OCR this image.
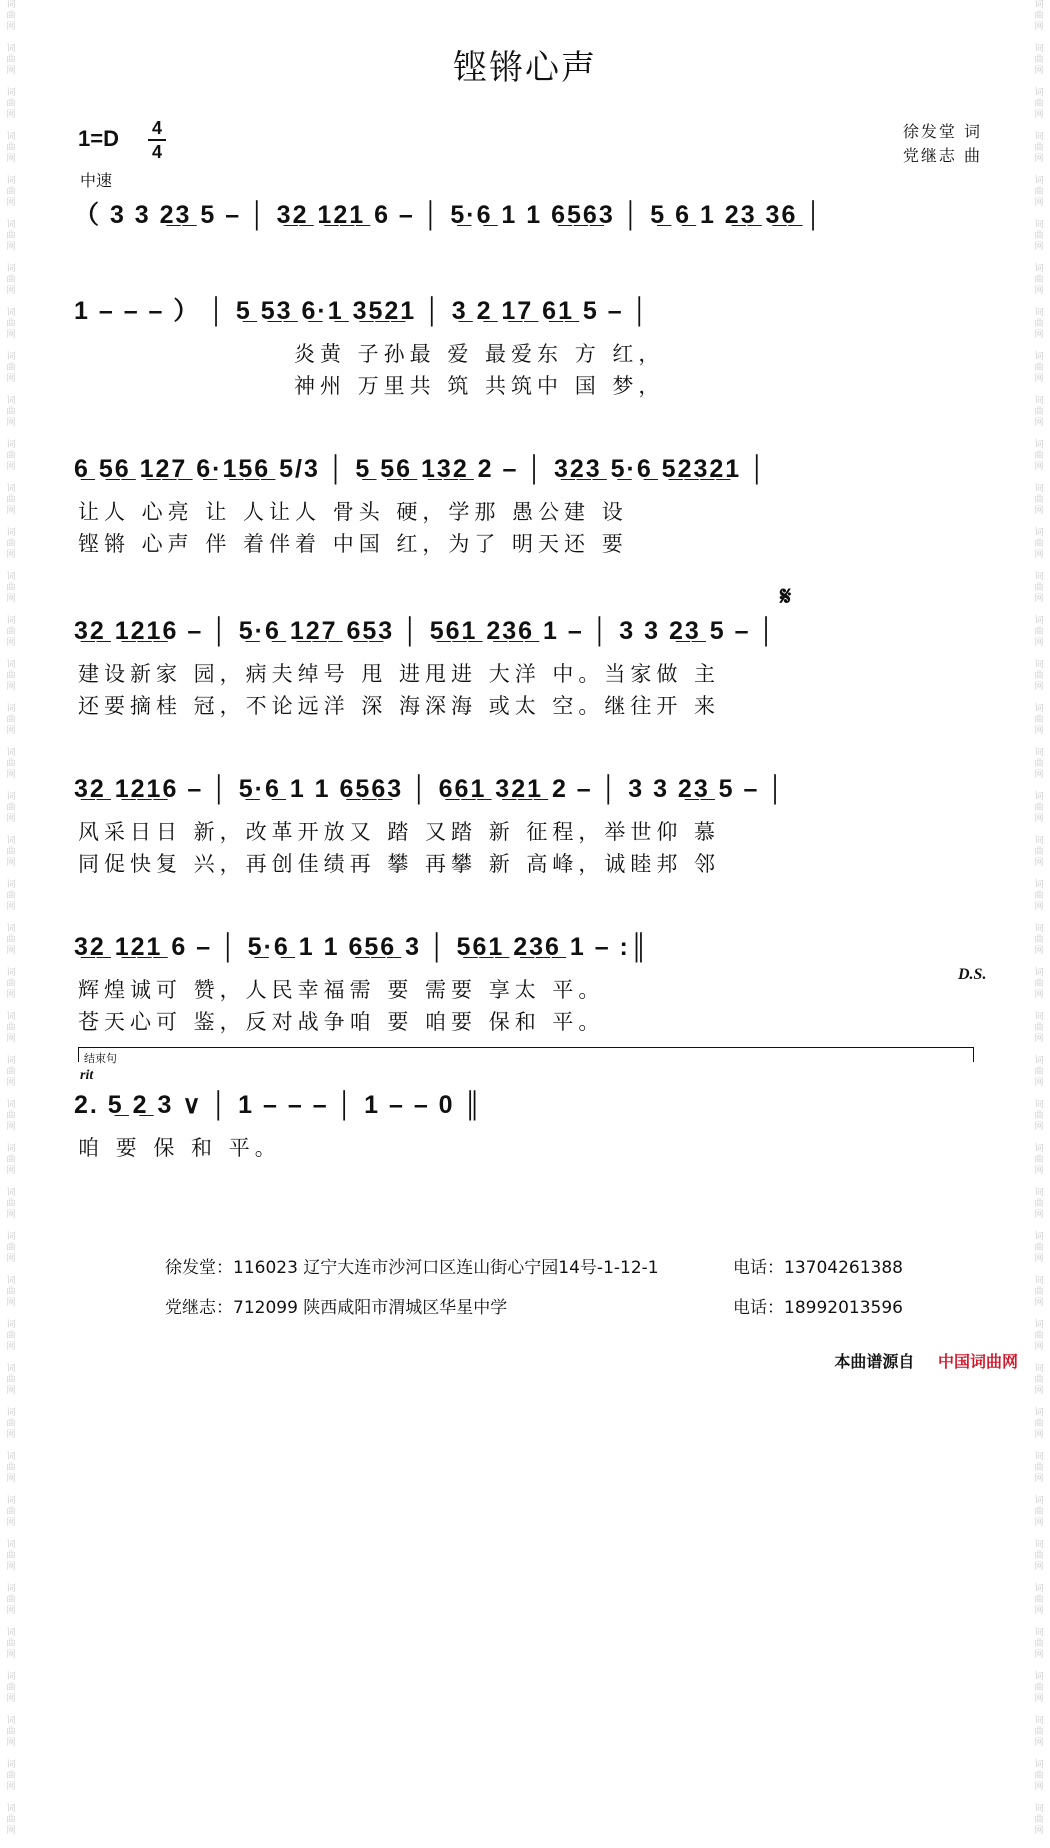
词
曲
网

词
曲
网

词
曲
网

词
曲
网

词
曲
网

词
曲
网

词
曲
网

词
曲
网

词
曲
网

词
曲
网

词
曲
网

词
曲
网

词
曲
网

词
曲
网

词
曲
网

词
曲
网

词
曲
网

词
曲
网

词
曲
网

词
曲
网

词
曲
网

词
曲
网

词
曲
网

词
曲
网

词
曲
网

词
曲
网

词
曲
网

词
曲
网

词
曲
网

词
曲
网

词
曲
网

词
曲
网

词
曲
网

词
曲
网

词
曲
网

词
曲
网

词
曲
网

词
曲
网

词
曲
网

词
曲
网

词
曲
网

词
曲
网

词
曲
网

词
曲
网

词
曲
网

词
曲
网

词
曲
网

词
曲
网

词
曲
网

词
曲
网

词
曲
网

词
曲
网

词
曲
网

词
曲
网

词
曲
网

词
曲
网

词
曲
网

词
曲
网

词
曲
网

词
曲
网

词
曲
网

词
曲
网

词
曲
网

词
曲
网

词
曲
网

词
曲
网

词
曲
网

词
曲
网

词
曲
网

词
曲
网

词
曲
网

词
曲
网

词
曲
网

词
曲
网

词
曲
网

词
曲
网

词
曲
网

词
曲
网

词
曲
网

词
曲
网

词
曲
网

词
曲
网

词
曲
网

词
曲
网

铿锵心声
1=D 4
4
中速
徐发堂 词
党继志 曲
（ 3 3 2̲3̲ 5 – │ 3̲2̲ 1̲2̲1̲ 6 – │ 5̲·6̲ 1 1 6̲5̲6̲3 │ 5̲ 6̲ 1 2̲3̲ 3̲6̲ │
1 – – – ） │ 5̲ 5̲3̲ 6̲·1̲ 3̲5̲2̲1 │ 3̲ 2̲ 1̲7̲ 6̲1̲ 5 – │
炎黄 子孙最 爱 最爱东 方 红，
神州 万里共 筑 共筑中 国 梦，
6̲ 5̲6̲ 1̲2̲7̲ 6̲·1̲5̲6̲ 5/3 │ 5̲ 5̲6̲ 1̲3̲2̲ 2 – │ 3̲2̲3̲ 5̲·6̲ 5̲2̲3̲2̲1 │
让人 心亮 让 人让人 骨头 硬，学那 愚公建 设
铿锵 心声 伴 着伴着 中国 红，为了 明天还 要
3̲2̲ 1̲2̲1̲6 – │ 5̲·6̲ 1̲2̲7̲ 6̲5̲3 │ 5̲6̲1̲ 2̲3̲6̲ 1 – │ 3 3 2̲3̲ 5 – │
建设新家 园，病夫绰号 甩 进甩进 大洋 中。当家做 主
还要摘桂 冠，不论远洋 深 海深海 或太 空。继往开 来
3̲2̲ 1̲2̲1̲6 – │ 5̲·6̲ 1 1 6̲5̲6̲3 │ 6̲6̲1̲ 3̲2̲1̲ 2 – │ 3 3 2̲3̲ 5 – │
风采日日 新，改革开放又 踏 又踏 新 征程，举世仰 慕
同促快复 兴，再创佳绩再 攀 再攀 新 高峰，诚睦邦 邻
3̲2̲ 1̲2̲1̲ 6 – │ 5̲·6̲ 1 1 6̲5̲6̲ 3 │ 5̲6̲1̲ 2̲3̲6̲ 1 – :║
辉煌诚可 赞，人民幸福需 要 需要 享太 平。
苍天心可 鉴，反对战争咱 要 咱要 保和 平。
2. 5̲ 2̲ 3 ∨ │ 1 – – – │ 1 – – 0 ║
咱 要 保 和 平。
𝄋
D.S.
结束句
rit
徐发堂：116023 辽宁大连市沙河口区连山街心宁园14号-1-12-1	电话：13704261388
党继志：712099 陕西咸阳市渭城区华星中学	电话：18992013596
本曲谱源自 中国词曲网
